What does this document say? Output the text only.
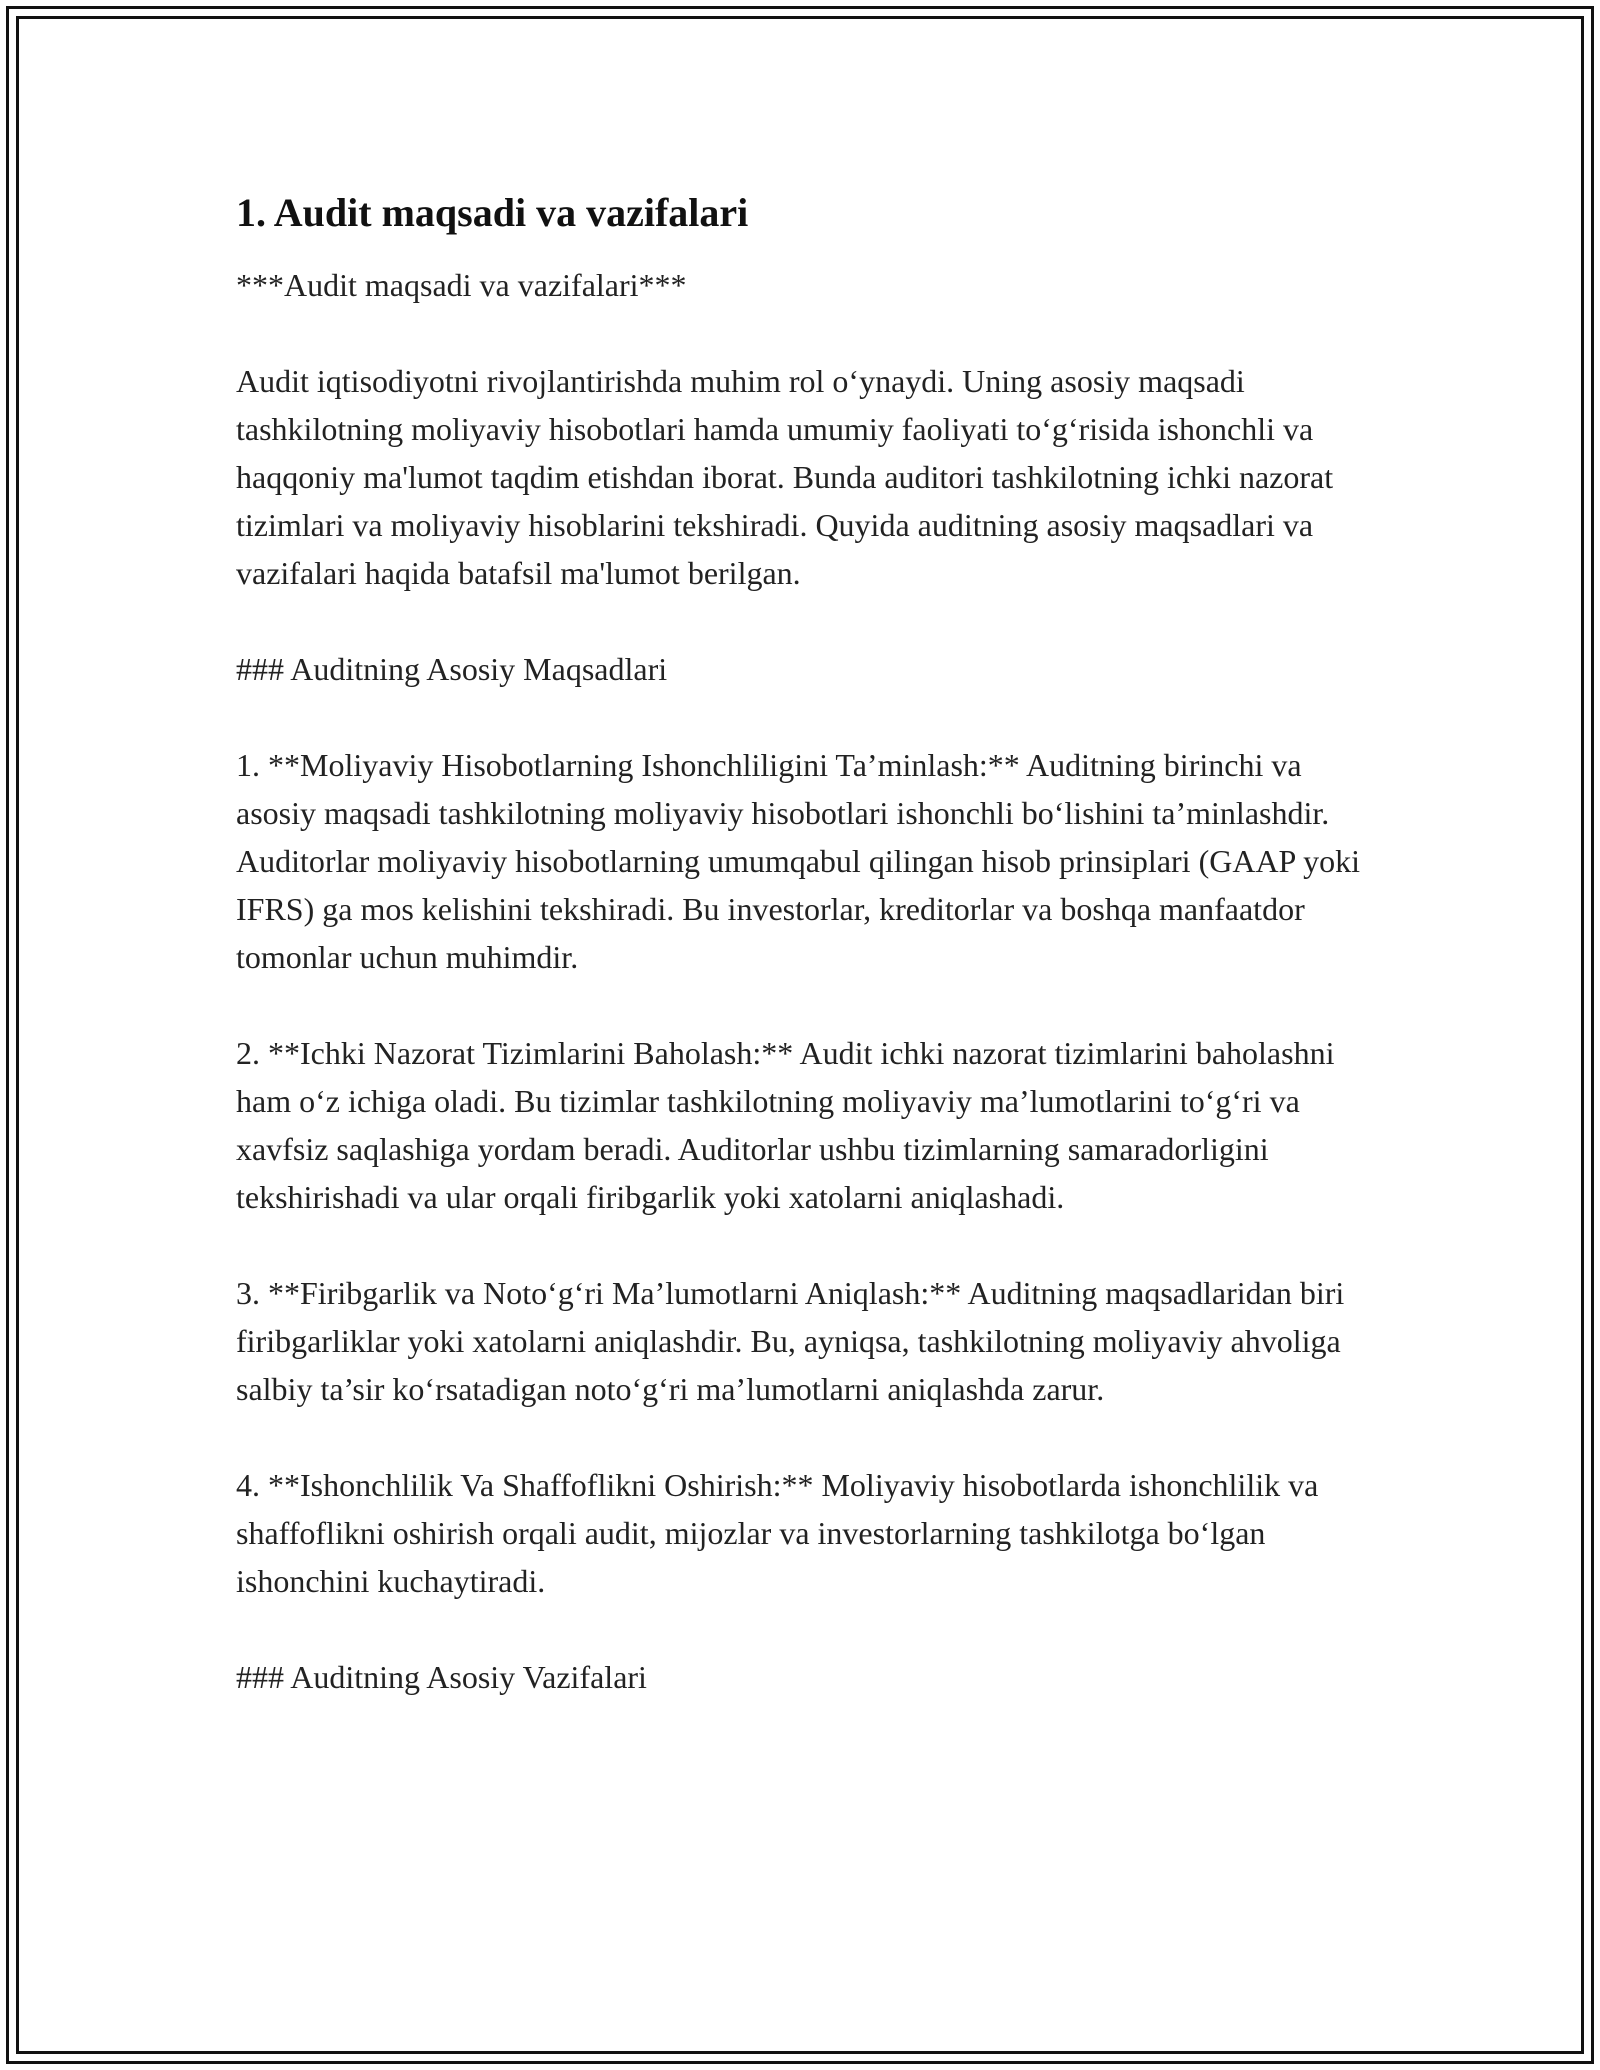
1. Audit maqsadi va vazifalari

***Audit maqsadi va vazifalari***

Audit iqtisodiyotni rivojlantirishda muhim rol o‘ynaydi. Uning asosiy maqsadi tashkilotning moliyaviy hisobotlari hamda umumiy faoliyati to‘g‘risida ishonchli va haqqoniy ma'lumot taqdim etishdan iborat. Bunda auditori tashkilotning ichki nazorat tizimlari va moliyaviy hisoblarini tekshiradi. Quyida auditning asosiy maqsadlari va vazifalari haqida batafsil ma'lumot berilgan.

### Auditning Asosiy Maqsadlari

1. **Moliyaviy Hisobotlarning Ishonchliligini Ta’minlash:** Auditning birinchi va asosiy maqsadi tashkilotning moliyaviy hisobotlari ishonchli bo‘lishini ta’minlashdir. Auditorlar moliyaviy hisobotlarning umumqabul qilingan hisob prinsiplari (GAAP yoki IFRS) ga mos kelishini tekshiradi. Bu investorlar, kreditorlar va boshqa manfaatdor tomonlar uchun muhimdir.

2. **Ichki Nazorat Tizimlarini Baholash:** Audit ichki nazorat tizimlarini baholashni ham o‘z ichiga oladi. Bu tizimlar tashkilotning moliyaviy ma’lumotlarini to‘g‘ri va xavfsiz saqlashiga yordam beradi. Auditorlar ushbu tizimlarning samaradorligini tekshirishadi va ular orqali firibgarlik yoki xatolarni aniqlashadi.

3. **Firibgarlik va Noto‘g‘ri Ma’lumotlarni Aniqlash:** Auditning maqsadlaridan biri firibgarliklar yoki xatolarni aniqlashdir. Bu, ayniqsa, tashkilotning moliyaviy ahvoliga salbiy ta’sir ko‘rsatadigan noto‘g‘ri ma’lumotlarni aniqlashda zarur.

4. **Ishonchlilik Va Shaffoflikni Oshirish:** Moliyaviy hisobotlarda ishonchlilik va shaffoflikni oshirish orqali audit, mijozlar va investorlarning tashkilotga bo‘lgan ishonchini kuchaytiradi.

### Auditning Asosiy Vazifalari
